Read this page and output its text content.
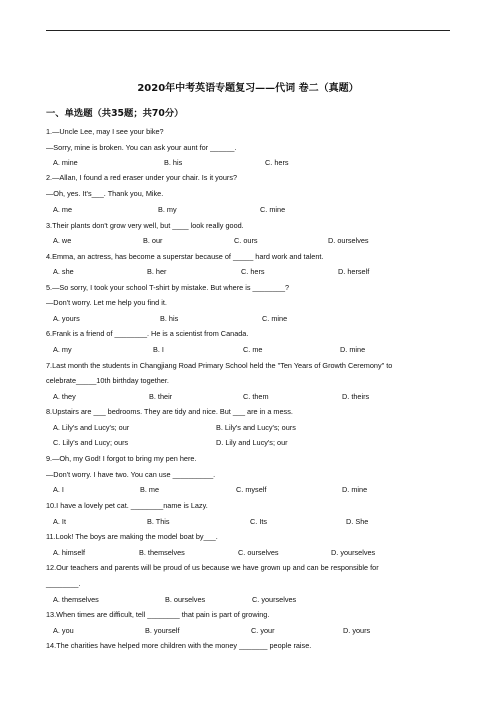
2020年中考英语专题复习——代词 卷二（真题）
一、单选题（共35题；共70分）
1.—Uncle Lee, may I see your bike?
—Sorry, mine is broken. You can ask your aunt for ______.
A. mine	B. his	C. hers
2.—Allan, I found a red eraser under your chair. Is it yours?
—Oh, yes. It's___. Thank you, Mike.
A. me	B. my	C. mine
3.Their plants don't grow very well, but ____ look really good.
A. we	B. our	C. ours	D. ourselves
4.Emma, an actress, has become a superstar because of _____ hard work and talent.
A. she	B. her	C. hers	D. herself
5.—So sorry, I took your school T-shirt by mistake. But where is ________?
—Don't worry. Let me help you find it.
A. yours	B. his	C. mine
6.Frank is a friend of ________. He is a scientist from Canada.
A. my	B. I	C. me	D. mine
7.Last month the students in Changjiang Road Primary School held the "Ten Years of Growth Ceremony" to
celebrate_____10th birthday together.
A. they	B. their	C. them	D. theirs
8.Upstairs are ___ bedrooms. They are tidy and nice. But ___ are in a mess.
A. Lily's and Lucy's; our	B. Lily's and Lucy's; ours
C. Lily's and Lucy; ours	D. Lily and Lucy's; our
9.—Oh, my God! I forgot to bring my pen here.
—Don't worry. I have two. You can use __________.
A. I	B. me	C. myself	D. mine
10.I have a lovely pet cat. ________name is Lazy.
A. It	B. This	C. Its	D. She
11.Look! The boys are making the model boat by___.
A. himself	B. themselves	C. ourselves	D. yourselves
12.Our teachers and parents will be proud of us because we have grown up and can be responsible for
________.
A. themselves	B. ourselves	C. yourselves
13.When times are difficult, tell ________ that pain is part of growing.
A. you	B. yourself	C. your	D. yours
14.The charities have helped more children with the money _______ people raise.
